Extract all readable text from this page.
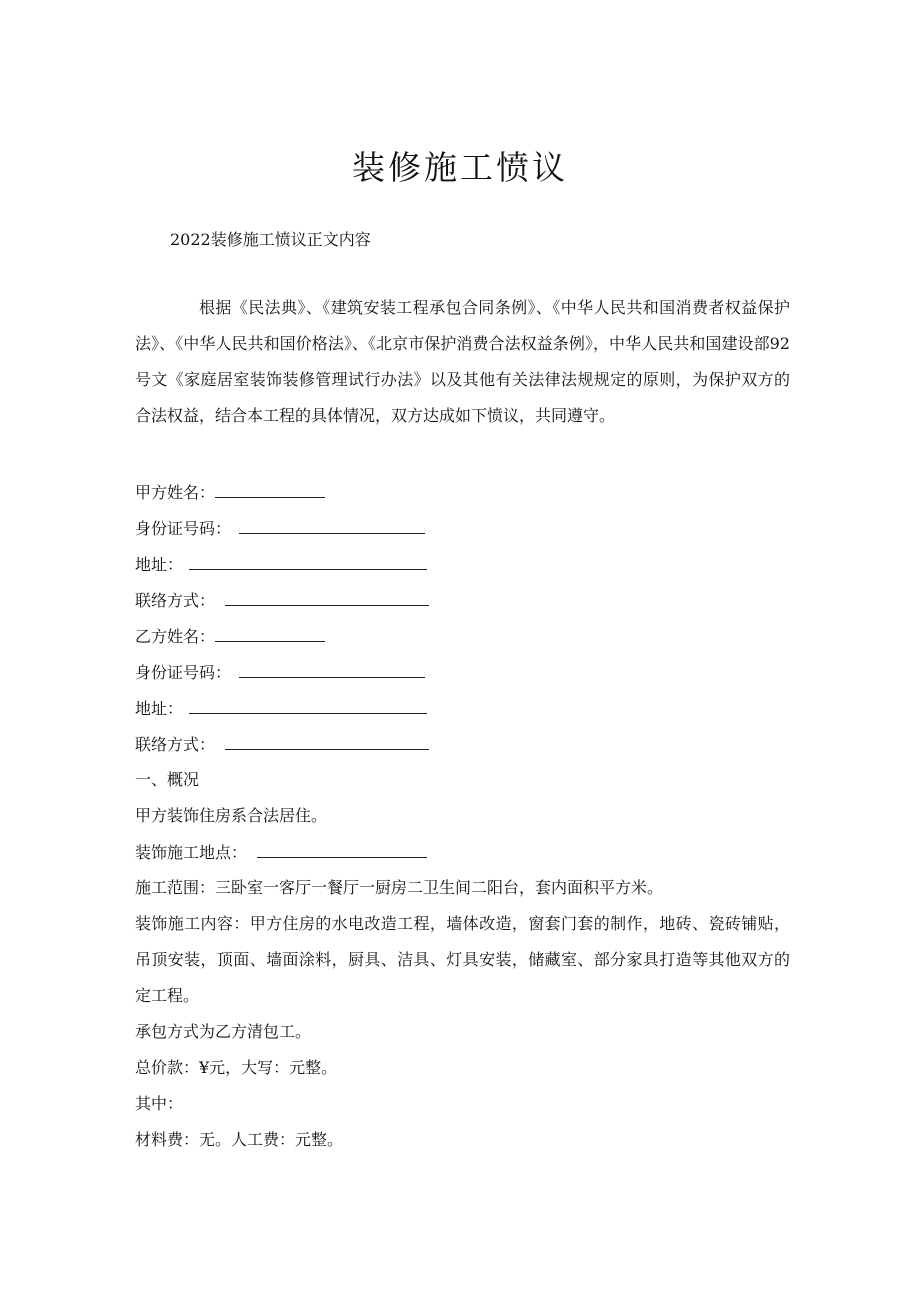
装修施工愤议
2022装修施工愤议正文内容
根据《民法典》、《建筑安装工程承包合同条例》、《中华人民共和国消费者权益保护法》、《中华人民共和国价格法》、《北京市保护消费合法权益条例》，中华人民共和国建设部92号文《家庭居室装饰装修管理试行办法》以及其他有关法律法规规定的原则，为保护双方的合法权益，结合本工程的具体情况，双方达成如下愤议，共同遵守。
甲方姓名：
身份证号码：
地址：
联络方式：
乙方姓名：
身份证号码：
地址：
联络方式：
一、概况
甲方装饰住房系合法居住。
装饰施工地点：
施工范围：三卧室一客厅一餐厅一厨房二卫生间二阳台，套内面积平方米。
装饰施工内容：甲方住房的水电改造工程，墙体改造，窗套门套的制作，地砖、瓷砖铺贴，吊顶安装，顶面、墙面涂料，厨具、洁具、灯具安装，储藏室、部分家具打造等其他双方的定工程。
承包方式为乙方清包工。
总价款：¥元，大写：元整。
其中：
材料费：无。人工费：元整。
